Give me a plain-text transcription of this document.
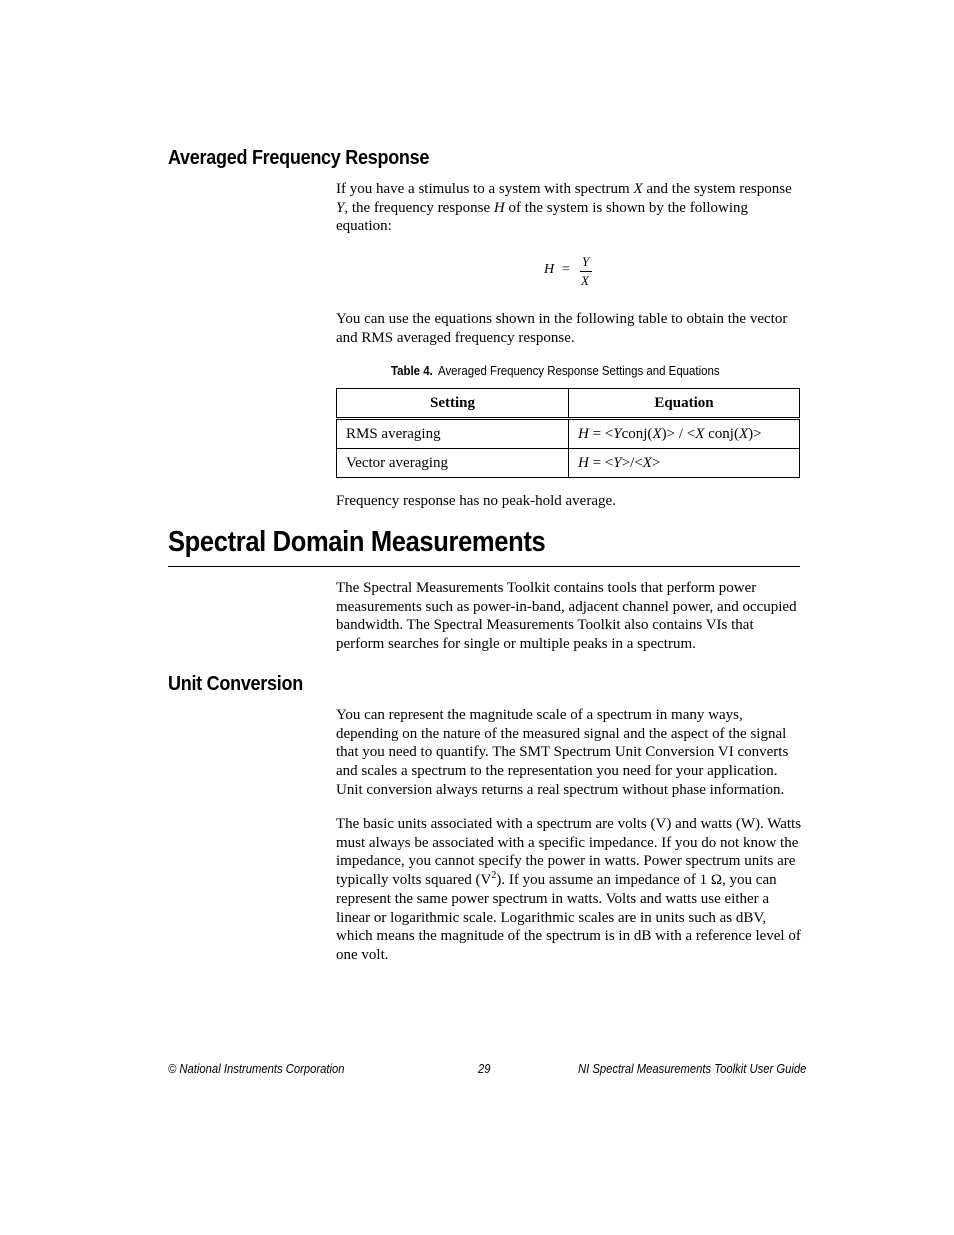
Averaged Frequency Response

If you have a stimulus to a system with spectrum X and the system response Y, the frequency response H of the system is shown by the following equation:

H =
Y
X

You can use the equations shown in the following table to obtain the vector and RMS averaged frequency response.

Table 4. Averaged Frequency Response Settings and Equations

Setting	Equation
RMS averaging	H = <Yconj(X)> / <X conj(X)>
Vector averaging	H = <Y>/<X>

Frequency response has no peak-hold average.

Spectral Domain Measurements

The Spectral Measurements Toolkit contains tools that perform power measurements such as power-in-band, adjacent channel power, and occupied bandwidth. The Spectral Measurements Toolkit also contains VIs that perform searches for single or multiple peaks in a spectrum.

Unit Conversion

You can represent the magnitude scale of a spectrum in many ways, depending on the nature of the measured signal and the aspect of the signal that you need to quantify. The SMT Spectrum Unit Conversion VI converts and scales a spectrum to the representation you need for your application. Unit conversion always returns a real spectrum without phase information.

The basic units associated with a spectrum are volts (V) and watts (W). Watts must always be associated with a specific impedance. If you do not know the impedance, you cannot specify the power in watts. Power spectrum units are typically volts squared $(V^2)$. If you assume an impedance of 1 Ω, you can represent the same power spectrum in watts. Volts and watts use either a linear or logarithmic scale. Logarithmic scales are in units such as dBV, which means the magnitude of the spectrum is in dB with a reference level of one volt.

© National Instruments Corporation	29	NI Spectral Measurements Toolkit User Guide
